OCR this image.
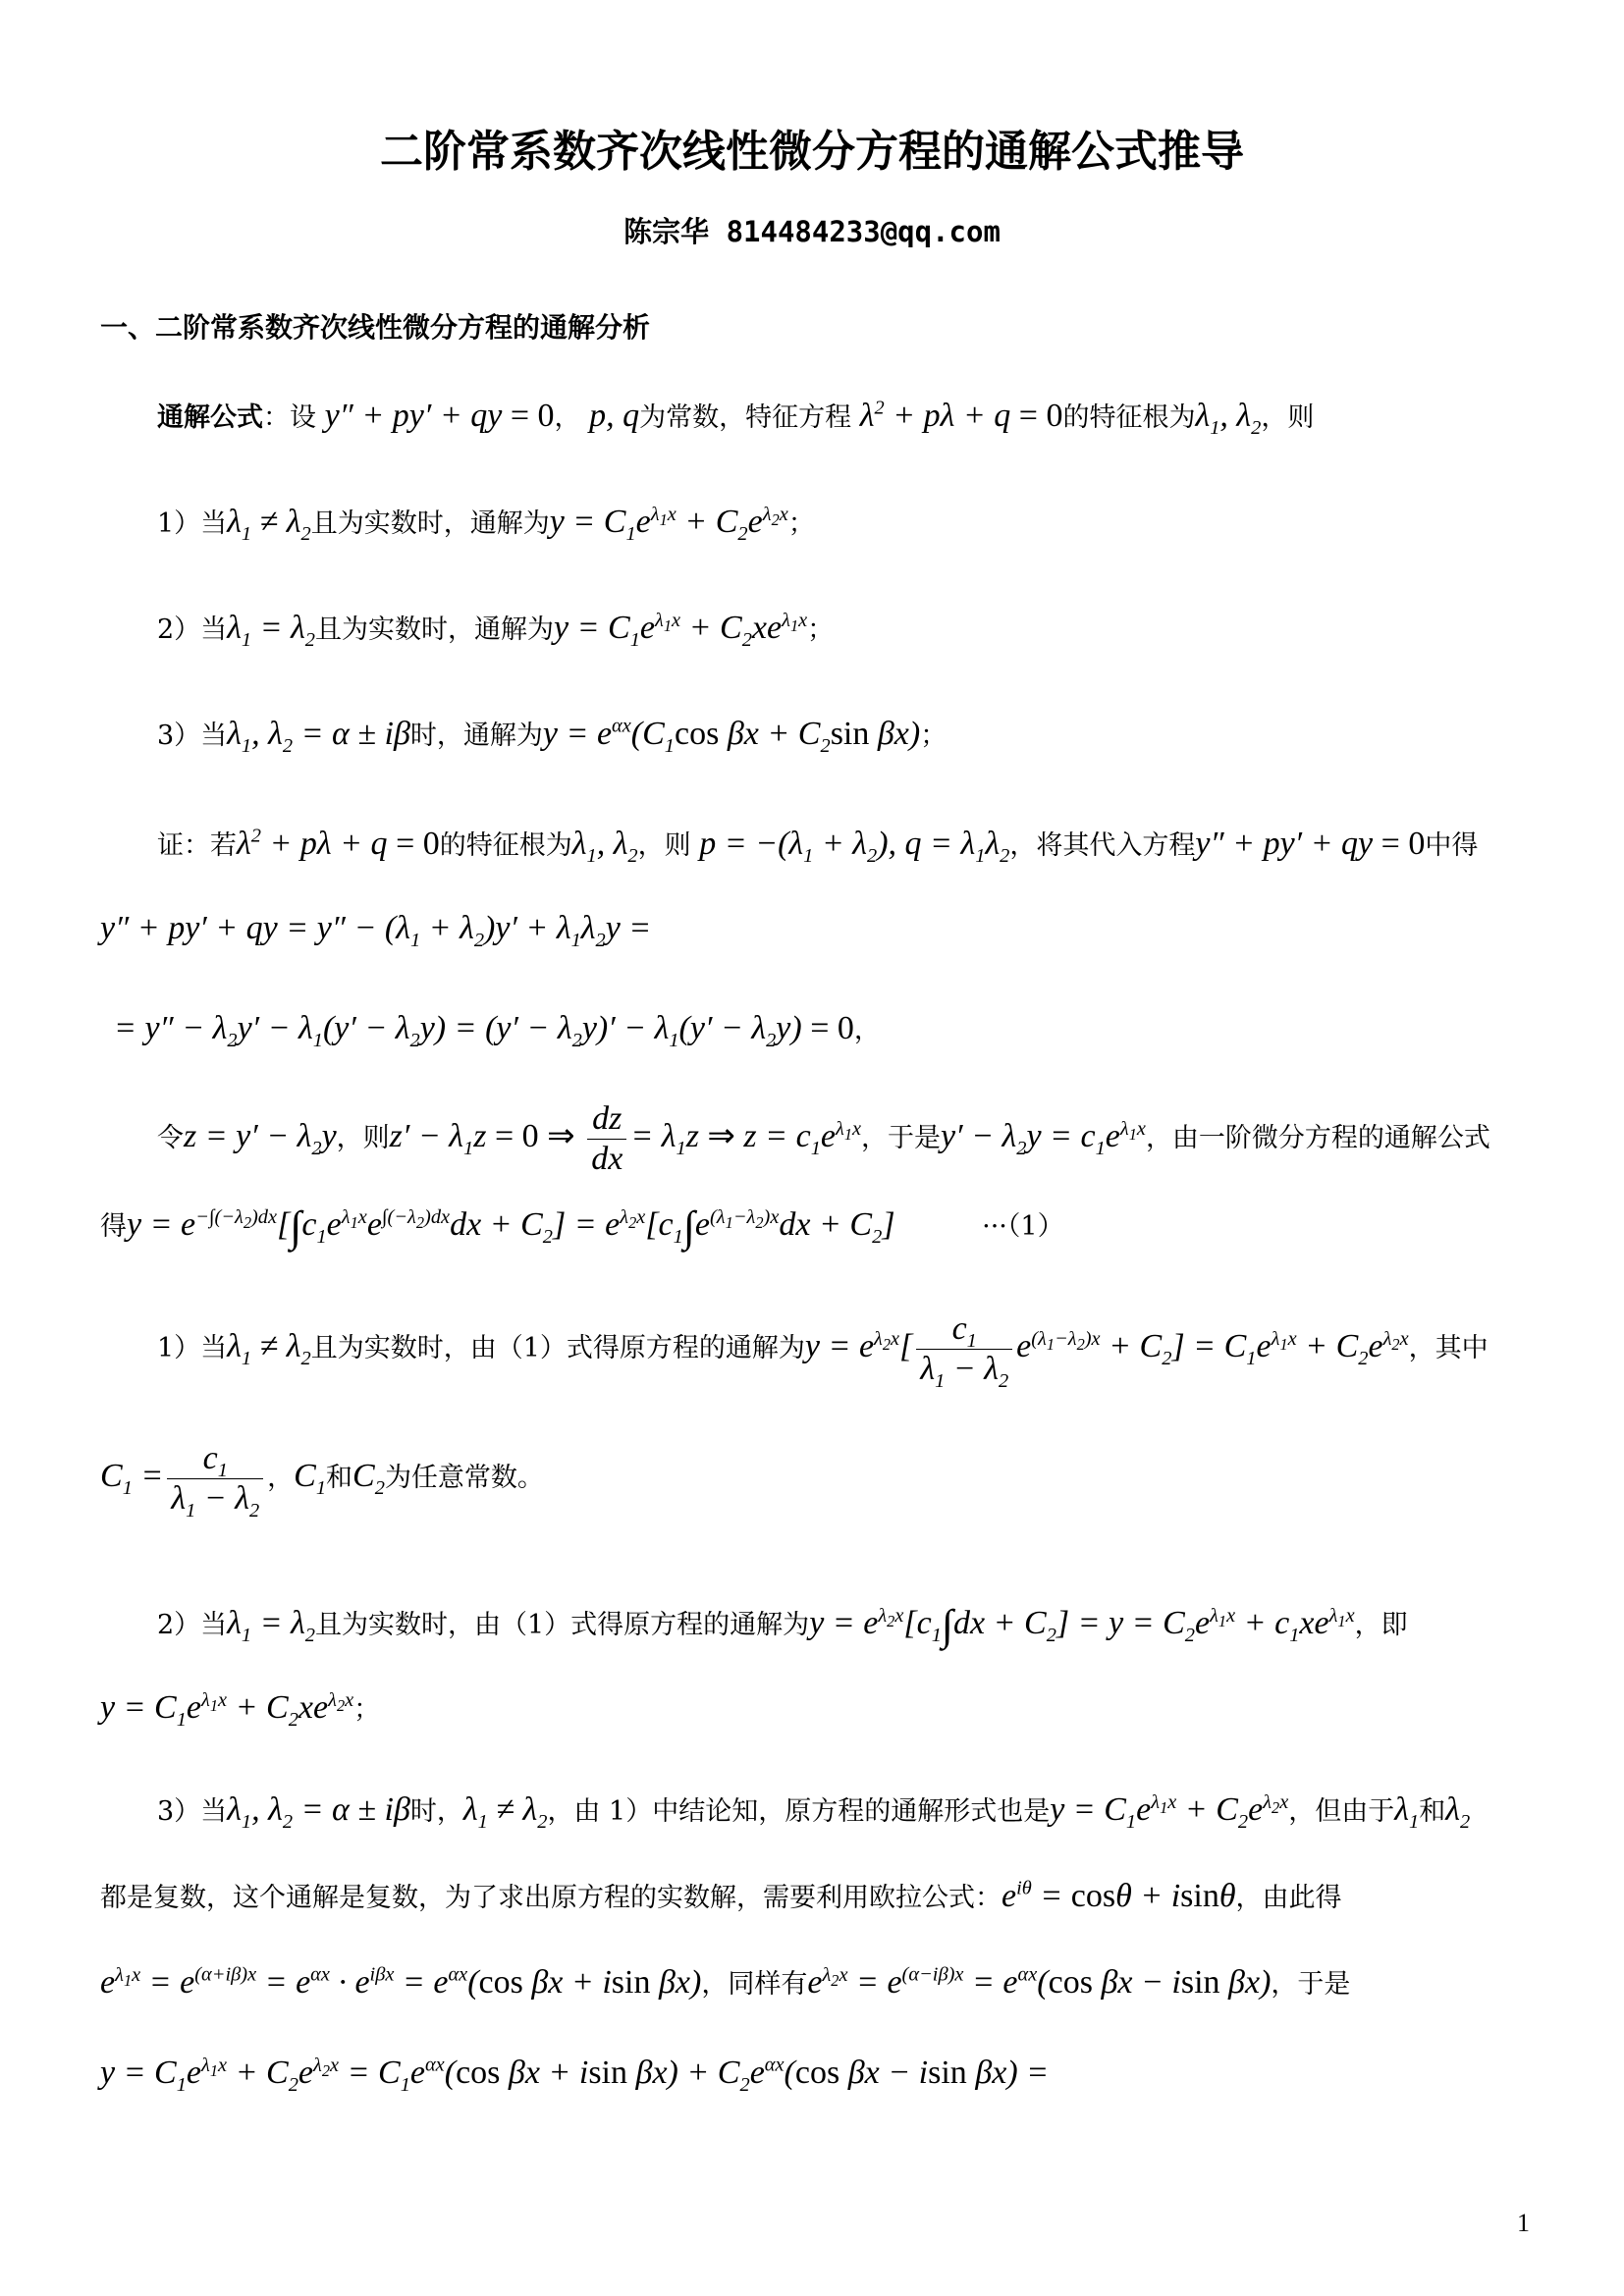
二阶常系数齐次线性微分方程的通解公式推导
陈宗华 814484233@qq.com
一、二阶常系数齐次线性微分方程的通解分析
通解公式：设 y″ + py′ + qy = 0， p, q为常数，特征方程 $\lambda^2 + p\lambda + q = 0$的特征根为$\lambda_1$, $\lambda_2$，则
1）当$\lambda_1 \ne \lambda_2$且为实数时，通解为$y = C_1e^{\lambda_1x} + C_2e^{\lambda_2x}$；
2）当$\lambda_1 = \lambda_2$且为实数时，通解为$y = C_1e^{\lambda_1x} + C_2xe^{\lambda_1x}$；
3）当$\lambda_1$, $\lambda_2 = \alpha \pm i\beta$时，通解为$y = e^{\alpha x}(C_1\cos$ $\beta x + C_2\sin$ βx)；
证：若$\lambda^2 + p\lambda + q = 0$的特征根为$\lambda_1$, $\lambda_2$，则 $p = -(\lambda_1 + \lambda_2)$, $q = \lambda_1\lambda_2$，将其代入方程y″ + py′ + qy = 0中得
y″ + py′ + qy = $y'' - (\lambda_1 + \lambda_2)y' + \lambda_1\lambda_2y$ =
= $y'' - \lambda_2y' - \lambda_1(y' - \lambda_2y) = (y' - \lambda_2y)' - \lambda_1(y' - \lambda_2y) = 0$，
令$z = y' - \lambda_2y$，则$z' - \lambda_1z = 0$ ⇒ $\frac{dz}{dx} = \lambda_1z$ ⇒ $z = c_1e^{\lambda_1x}$，于是$y' - \lambda_2y = c_1e^{\lambda_1x}$，由一阶微分方程的通解公式
得$y = e^{-\int(-\lambda_2)dx}[\int c_1e^{\lambda_1x}e^{\int(-\lambda_2)dx}dx + C_2] = e^{\lambda_2x}[c_1\int e^{(\lambda_1-\lambda_2)x}dx + C_2]$	···（1）
1）当$\lambda_1 \ne \lambda_2$且为实数时，由（1）式得原方程的通解为$y = e^{\lambda_2x}[ \frac{c_1}{\lambda_1 - \lambda_2} e^{(\lambda_1-\lambda_2)x} + C_2] = C_1e^{\lambda_1x} + C_2e^{\lambda_2x}$，其中
$C_1 = \frac{c_1}{\lambda_1 - \lambda_2}$ ，$C_1$和$C_2$为任意常数。
2）当$\lambda_1 = \lambda_2$且为实数时，由（1）式得原方程的通解为$y = e^{\lambda_2x}[c_1\int dx + C_2] = y = C_2e^{\lambda_1x} + c_1xe^{\lambda_1x}$，即
$y = C_1e^{\lambda_1x} + C_2xe^{\lambda_2x}$；
3）当$\lambda_1$, $\lambda_2 = \alpha \pm i\beta$时，$\lambda_1 \ne \lambda_2$，由 1）中结论知，原方程的通解形式也是$y = C_1e^{\lambda_1x} + C_2e^{\lambda_2x}$，但由于$\lambda_1$和$\lambda_2$
都是复数，这个通解是复数，为了求出原方程的实数解，需要利用欧拉公式：$e^{i\theta} = \cos\theta + isin\theta$，由此得
$e^{\lambda_1x} = e^{(\alpha+i\beta)x} = e^{\alpha x} \cdot e^{i\beta x} = e^{\alpha x}(\cos$ βx + isin βx)，同样有$e^{\lambda_2x} = e^{(\alpha-i\beta)x} = e^{\alpha x}(\cos$ βx − isin βx)，于是
$y = C_1e^{\lambda_1x} + C_2e^{\lambda_2x} = C_1e^{\alpha x}(\cos$ βx + isin $\beta x) + C_2e^{\alpha x}(\cos$ βx − isin βx) =
1
